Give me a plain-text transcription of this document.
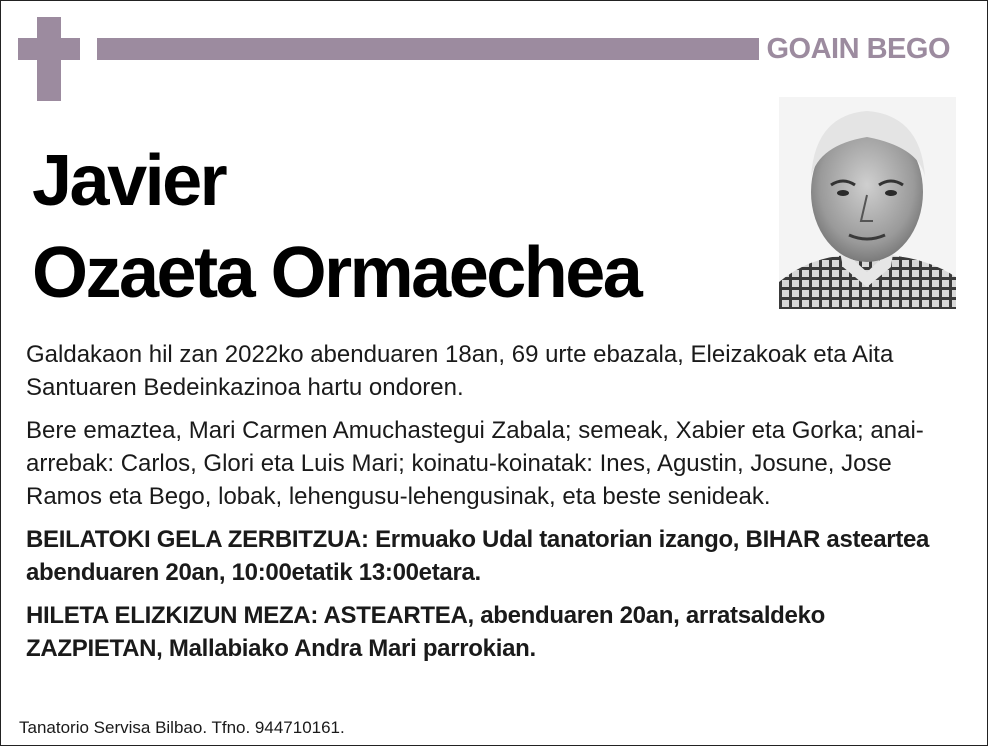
GOAIN BEGO
Javier
Ozaeta Ormaechea

Galdakaon hil zan 2022ko abenduaren 18an, 69 urte ebazala, Eleizakoak eta Aita Santuaren Bedeinkazinoa hartu ondoren.

Bere emaztea, Mari Carmen Amuchastegui Zabala; semeak, Xabier eta Gorka; anai-arrebak: Carlos, Glori eta Luis Mari; koinatu-koinatak: Ines, Agustin, Josune, Jose Ramos eta Bego, lobak, lehengusu-lehengusinak, eta beste senideak.

BEILATOKI GELA ZERBITZUA: Ermuako Udal tanatorian izango, BIHAR asteartea abenduaren 20an, 10:00etatik 13:00etara.

HILETA ELIZKIZUN MEZA: ASTEARTEA, abenduaren 20an, arratsaldeko ZAZPIETAN, Mallabiako Andra Mari parrokian.

Tanatorio Servisa Bilbao. Tfno. 944710161.
